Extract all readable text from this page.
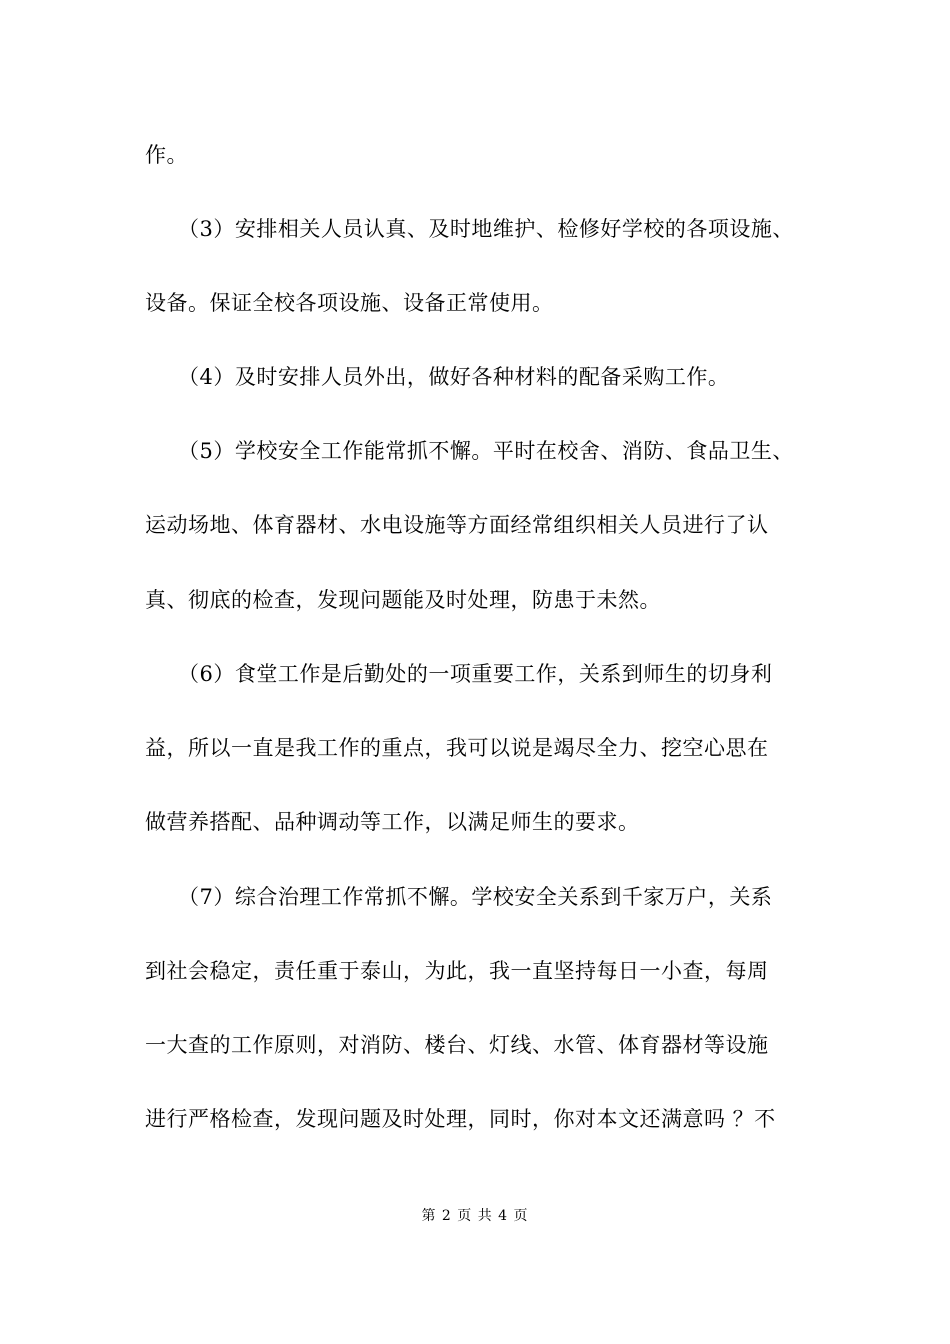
作。
（3）安排相关人员认真、及时地维护、检修好学校的各项设施、
设备。保证全校各项设施、设备正常使用。
（4）及时安排人员外出，做好各种材料的配备采购工作。
（5）学校安全工作能常抓不懈。平时在校舍、消防、食品卫生、
运动场地、体育器材、水电设施等方面经常组织相关人员进行了认
真、彻底的检查，发现问题能及时处理，防患于未然。
（6）食堂工作是后勤处的一项重要工作，关系到师生的切身利
益，所以一直是我工作的重点，我可以说是竭尽全力、挖空心思在
做营养搭配、品种调动等工作，以满足师生的要求。
（7）综合治理工作常抓不懈。学校安全关系到千家万户，关系
到社会稳定，责任重于泰山，为此，我一直坚持每日一小查，每周
一大查的工作原则，对消防、楼台、灯线、水管、体育器材等设施
进行严格检查，发现问题及时处理，同时，你对本文还满意吗 ？不
第 2 页 共 4 页
